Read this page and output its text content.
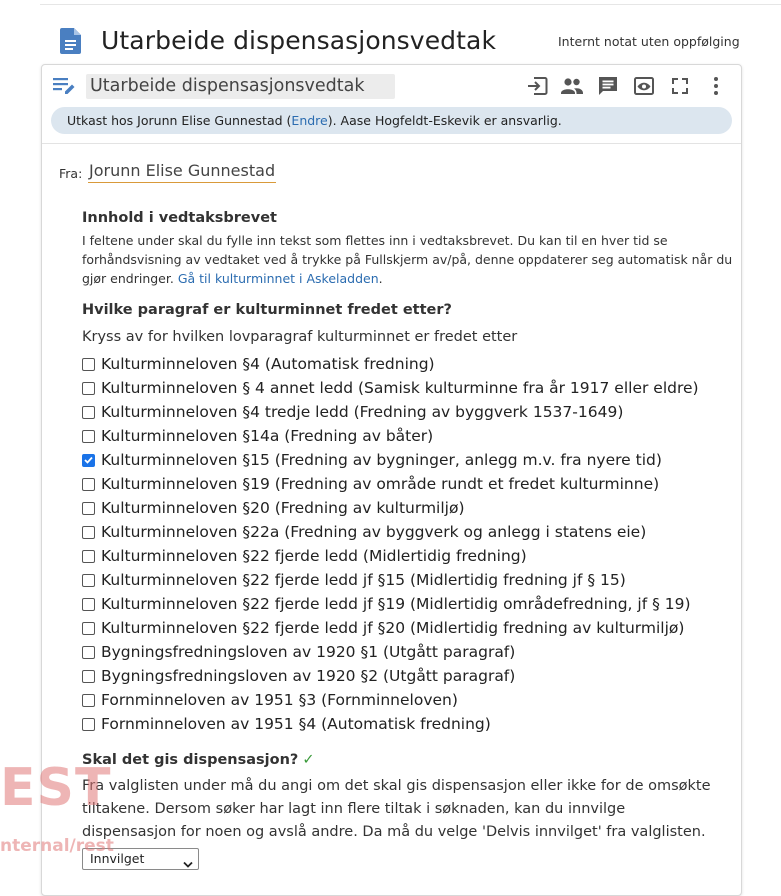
Utarbeide dispensasjonsvedtak	Internt notat uten oppfølging
Utarbeide dispensasjonsvedtak
Utkast hos Jorunn Elise Gunnestad (Endre). Aase Hogfeldt-Eskevik er ansvarlig.
Fra: Jorunn Elise Gunnestad
Innhold i vedtaksbrevet
I feltene under skal du fylle inn tekst som flettes inn i vedtaksbrevet. Du kan til en hver tid se forhåndsvisning av vedtaket ved å trykke på Fullskjerm av/på, denne oppdaterer seg automatisk når du gjør endringer. Gå til kulturminnet i Askeladden.
Hvilke paragraf er kulturminnet fredet etter?
Kryss av for hvilken lovparagraf kulturminnet er fredet etter
Kulturminneloven §4 (Automatisk fredning)
Kulturminneloven § 4 annet ledd (Samisk kulturminne fra år 1917 eller eldre)
Kulturminneloven §4 tredje ledd (Fredning av byggverk 1537-1649)
Kulturminneloven §14a (Fredning av båter)
Kulturminneloven §15 (Fredning av bygninger, anlegg m.v. fra nyere tid)
Kulturminneloven §19 (Fredning av område rundt et fredet kulturminne)
Kulturminneloven §20 (Fredning av kulturmiljø)
Kulturminneloven §22a (Fredning av byggverk og anlegg i statens eie)
Kulturminneloven §22 fjerde ledd (Midlertidig fredning)
Kulturminneloven §22 fjerde ledd jf §15 (Midlertidig fredning jf § 15)
Kulturminneloven §22 fjerde ledd jf §19 (Midlertidig områdefredning, jf § 19)
Kulturminneloven §22 fjerde ledd jf §20 (Midlertidig fredning av kulturmiljø)
Bygningsfredningsloven av 1920 §1 (Utgått paragraf)
Bygningsfredningsloven av 1920 §2 (Utgått paragraf)
Fornminneloven av 1951 §3 (Fornminneloven)
Fornminneloven av 1951 §4 (Automatisk fredning)
Skal det gis dispensasjon? ✓
Fra valglisten under må du angi om det skal gis dispensasjon eller ikke for de omsøkte tiltakene. Dersom søker har lagt inn flere tiltak i søknaden, kan du innvilge dispensasjon for noen og avslå andre. Da må du velge 'Delvis innvilget' fra valglisten.
Innvilget
EST
nternal/rest
